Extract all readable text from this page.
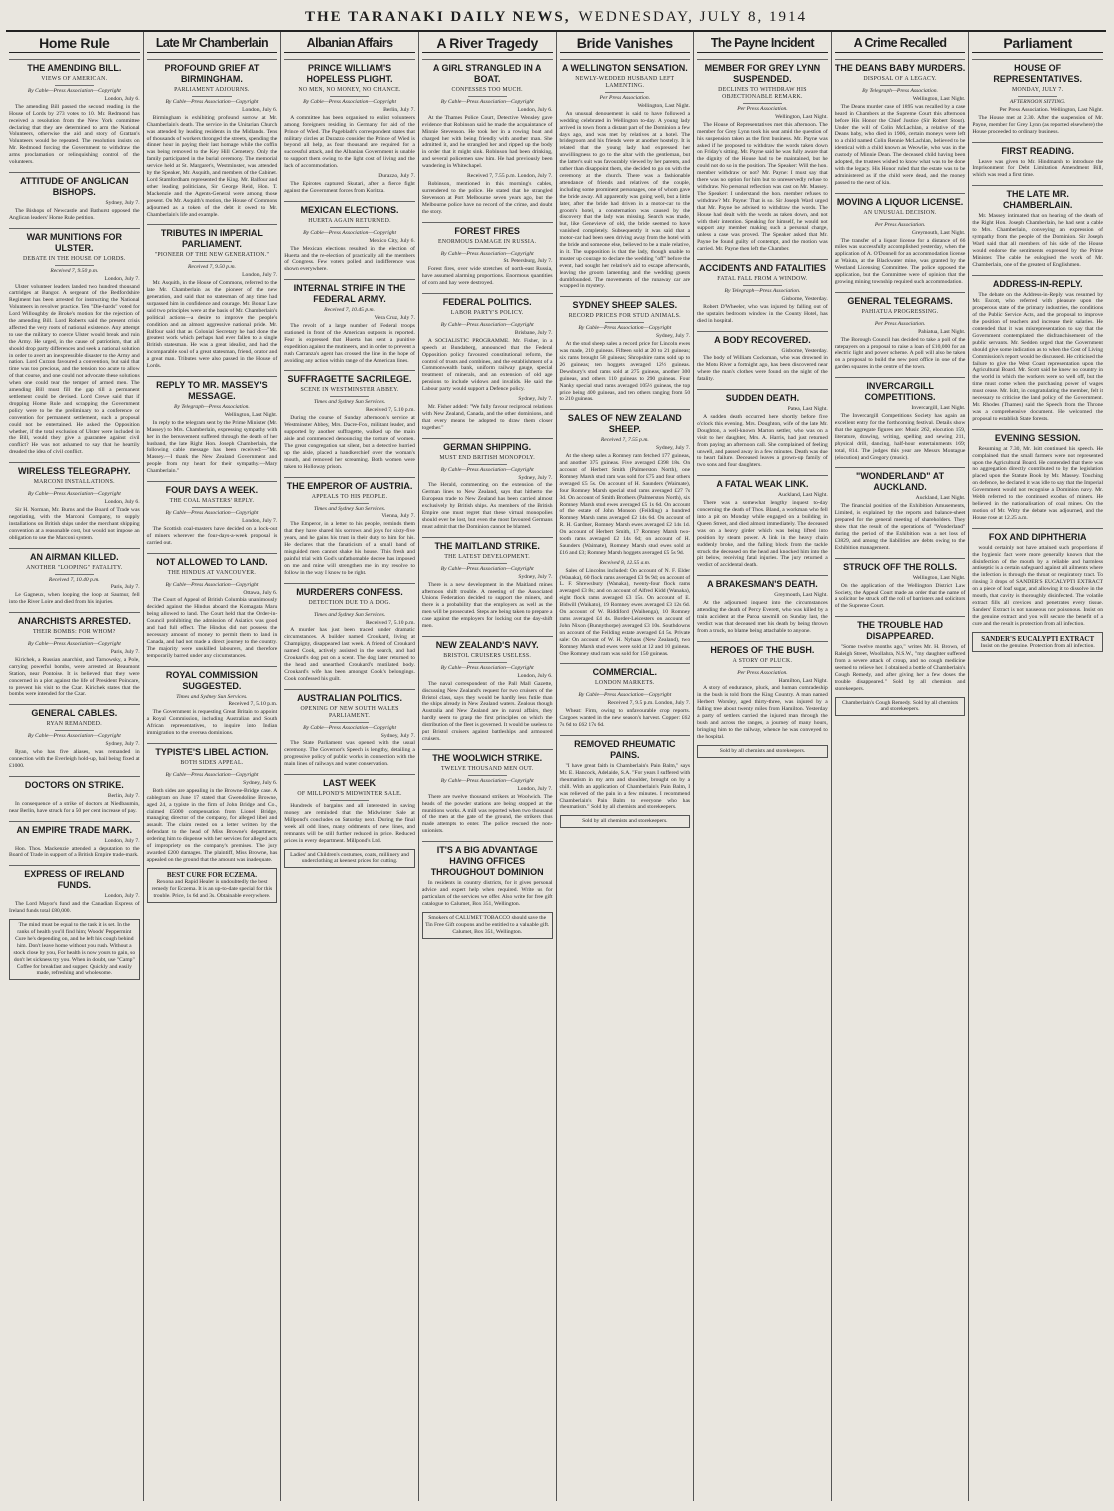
THE TARANAKI DAILY NEWS, WEDNESDAY, JULY 8, 1914
Home Rule
THE AMENDING BILL.
VIEWS OF AMERICAN.
By Cable—Press Association—Copyright
London, July 6.

The amending Bill passed the second reading in the House of Lords by 273 votes to 10. Mr. Redmond has received a resolution from the New York committee declaring that they are determined to arm the National Volunteers, otherwise the aid and story of Grattan's Volunteers would be repeated. The resolution insists on Mr. Redmond forcing the Government to withdraw the arms proclamation or relinquishing control of the volunteers.

ATTITUDE OF ANGLICAN BISHOPS.
Sydney, July 7.

The Bishops of Newcastle and Bathurst opposed the Anglican leaders' Home Rule petition.

WAR MUNITIONS FOR ULSTER.
DEBATE IN THE HOUSE OF LORDS.
Received 7, 9.50 p.m.
London, July 7.

Ulster volunteer leaders landed two hundred thousand cartridges at Bangor. A sergeant of the Bedfordshire Regiment has been arrested for instructing the National Volunteers in revolver practice. Ten "Die-hards" voted for Lord Willoughby de Broke's motion for the rejection of the amending Bill. Lord Roberts said the present crisis affected the very roots of national existence. Any attempt to use the military to coerce Ulster would break and ruin the Army. He urged, in the cause of patriotism, that all should drop party differences and seek a national solution in order to avert an inexpressible disaster to the Army and nation. Lord Curzon favoured a convention, but said that time was too precious, and the tension too acute to allow of that course, and one could not advocate these solutions when one could tear the temper of armed men. The amending Bill must fill the gap till a permanent settlement could be devised. Lord Crewe said that if dropping Home Rule and scrapping the Government policy were to be the preliminary to a conference or convention for permanent settlement, such a proposal could not be entertained. He asked the Opposition whether, if the total exclusion of Ulster were included in the Bill, would they give a guarantee against civil conflict? He was not ashamed to say that he heartily dreaded the idea of civil conflict.

WIRELESS TELEGRAPHY.
MARCONI INSTALLATIONS.
By Cable—Press Association—Copyright
London, July 6.

Sir H. Norman, Mr. Burns and the Board of Trade was negotiating, with the Marconi Company, to supply installations on British ships under the merchant shipping convention at a reasonable cost, but would not impose an obligation to use the Marconi system.

AN AIRMAN KILLED.
ANOTHER "LOOPING" FATALITY.
Received 7, 10.40 p.m.
Paris, July 7.

Le Gagneux, when looping the loop at Saumur, fell into the River Loire and died from his injuries.

ANARCHISTS ARRESTED.
THEIR BOMBS: FOR WHOM?
By Cable—Press Association—Copyright
Paris, July 7.

Kirichek, a Russian anarchist, and Tarnowsky, a Pole, carrying powerful bombs, were arrested at Beaumont Station, near Pontoise. It is believed that they were concerned in a plot against the life of President Poincare, to prevent his visit to the Czar. Kirichek states that the bombs were intended for the Czar.

GENERAL CABLES.
RYAN REMANDED.
By Cable—Press Association—Copyright
Sydney, July 7.

Ryan, who has five aliases, was remanded in connection with the Everleigh hold-up, bail being fixed at £1000.

DOCTORS ON STRIKE.
Berlin, July 7.

In consequence of a strike of doctors at Niedbaumin, near Berlin, have struck for a 50 per cent increase of pay.

AN EMPIRE TRADE MARK.
London, July 7.

Hon. Thos. Mackenzie attended a deputation to the Board of Trade in support of a British Empire trade-mark.

EXPRESS OF IRELAND FUNDS.
London, July 7.

The Lord Mayor's fund and the Canadian Express of Ireland funds total £80,000.

The mind must be equal to the task it is set. In the ranks of health you'll find him; Woods' Peppermint Cure he's depending on, and he left his cough behind him. Don't leave home without you rush. Without a stock close by you, For health is now yours to gain, so don't let sickness try you. When in doubt, use "Camp" Coffee for breakfast and supper. Quickly and easily made, refreshing and wholesome.
Late Mr Chamberlain
PROFOUND GRIEF AT BIRMINGHAM.
PARLIAMENT ADJOURNS.
By Cable—Press Association—Copyright
London, July 6.

Birmingham is exhibiting profound sorrow at Mr. Chamberlain's death. The service in the Unitarian Church was attended by leading residents in the Midlands. Tens of thousands of workers thronged the streets, spending the dinner hour in paying their last homage while the coffin was being removed to the Key Hill Cemetery. Only the family participated in the burial ceremony. The memorial service held at St. Margaret's, Westminster, was attended by the Speaker, Mr. Asquith, and members of the Cabinet. Lord Stamfordham represented the King. Mr. Balfour and other leading politicians, Sir George Reid, Hon. T. Mackenzie and the Agents-General were among those present. On Mr. Asquith's motion, the House of Commons adjourned as a token of the debt it owed to Mr. Chamberlain's life and example.

TRIBUTES IN IMPERIAL PARLIAMENT.
"PIONEER OF THE NEW GENERATION."
Received 7, 9.50 p.m.
London, July 7.

Mr. Asquith, in the House of Commons, referred to the late Mr. Chamberlain as the pioneer of the new generation, and said that no statesman of any time had surpassed him in confidence and courage. Mr. Bonar Law said two principles were at the basis of Mr. Chamberlain's political actions—a desire to improve the people's condition and an almost aggressive national pride. Mr. Balfour said that as Colonial Secretary he had done the greatest work which perhaps had ever fallen to a single British statesman. He was a great idealist, and had the incomparable soul of a great statesman, friend, orator and a great man. Tributes were also passed in the House of Lords.

REPLY TO MR. MASSEY'S MESSAGE.
By Telegraph—Press Association.
Wellington, Last Night.

In reply to the telegram sent by the Prime Minister (Mr. Massey) to Mrs. Chamberlain, expressing sympathy with her in the bereavement suffered through the death of her husband, the late Right Hon. Joseph Chamberlain, the following cable message has been received:—"Mr. Massey.—I thank the New Zealand Government and people from my heart for their sympathy.—Mary Chamberlain."

FOUR DAYS A WEEK.
THE COAL MASTERS' REPLY.
By Cable—Press Association—Copyright
London, July 7.

The Scottish coal-masters have decided on a lock-out of miners wherever the four-days-a-week proposal is carried out.

NOT ALLOWED TO LAND.
THE HINDUS AT VANCOUVER.
By Cable—Press Association—Copyright
Ottawa, July 6.

The Court of Appeal of British Columbia unanimously decided against the Hindus aboard the Komagata Maru being allowed to land. The Court held that the Order-in-Council prohibiting the admission of Asiatics was good and had full effect. The Hindus did not possess the necessary amount of money to permit them to land in Canada, and had not made a direct journey to the country. The majority were unskilled labourers, and therefore temporarily barred under any circumstances.

ROYAL COMMISSION SUGGESTED.
Times and Sydney Sun Services.
Received 7, 5.10 p.m.

The Government is requesting Great Britain to appoint a Royal Commission, including Australian and South African representatives, to inquire into Indian immigration to the oversea dominions.

TYPISTE'S LIBEL ACTION.
BOTH SIDES APPEAL.
By Cable—Press Association—Copyright
Sydney, July 6.

Both sides are appealing in the Browne-Bridge case. A cablegram on June 17 stated that Gwendoline Browne, aged 24, a typiste in the firm of John Bridge and Co., claimed £5000 compensation from Lionel Bridge, managing director of the company, for alleged libel and assault. The claim rested on a letter written by the defendant to the head of Miss Browne's department, ordering him to dispense with her services for alleged acts of impropriety on the company's premises. The jury awarded £200 damages. The plaintiff, Miss Browne, has appealed on the ground that the amount was inadequate.

BEST CURE FOR ECZEMA.
Rexona and Rapid Healer is undoubtedly the best remedy for Eczema. It is an up-to-date special for this trouble. Price, 1s 6d and 3s. Obtainable everywhere.
Albanian Affairs
PRINCE WILLIAM'S HOPELESS PLIGHT.
NO MEN, NO MONEY, NO CHANCE.
By Cable—Press Association—Copyright
Berlin, July 7.

A committee has been organised to enlist volunteers among foreigners residing in Germany for aid of the Prince of Wied. The Pagebladt's correspondent states that military circles at Durazzo consider the Prince of Wied is beyond all help, as four thousand are required for a successful attack, and the Albanian Government is unable to support them owing to the light cost of living and the lack of accommodation.

Durazzo, July 7.

The Epirotes captured Skutari, after a fierce fight against the Government forces from Koritza.

MEXICAN ELECTIONS.
HUERTA AGAIN RETURNED.
By Cable—Press Association—Copyright
Mexico City, July 6.

The Mexican elections resulted in the election of Huerta and the re-election of practically all the members of Congress. Few voters polled and indifference was shown everywhere.

INTERNAL STRIFE IN THE FEDERAL ARMY.
Received 7, 10.45 p.m.
Vera Cruz, July 7.

The revolt of a large number of Federal troops stationed in front of the American outposts is reported. Fear is expressed that Huerta has sent a punitive expedition against the mutineers, and in order to prevent a rush Carranza's agent has crossed the line in the hope of avoiding any action within range of the American lines.

SUFFRAGETTE SACRILEGE.
SCENE IN WESTMINSTER ABBEY.
Times and Sydney Sun Services.
Received 7, 5.10 p.m.

During the course of Sunday afternoon's service at Westminster Abbey, Mrs. Dacre-Fox, militant leader, and supported by another suffragette, walked up the main aisle and commenced denouncing the torture of women. The great congregation sat silent, but a detective hurried up the aisle, placed a handkerchief over the woman's mouth, and removed her screaming. Both women were taken to Holloway prison.

THE EMPEROR OF AUSTRIA.
APPEALS TO HIS PEOPLE.
Times and Sydney Sun Services.
Vienna, July 7.

The Emperor, in a letter to his people, reminds them that they have shared his sorrows and joys for sixty-five years, and he gains his trust in their duty to him for his. He declares that the fanaticism of a small band of misguided men cannot shake his house. This fresh and painful trial with God's unfathomable decree has imposed on me and mine will strengthen me in my resolve to follow in the way I know to be right.

MURDERERS CONFESS.
DETECTION DUE TO A DOG.
Times and Sydney Sun Services.
Received 7, 5.10 p.m.

A murder has just been traced under dramatic circumstances. A builder named Croukard, living at Champigny, disappeared last week. A friend of Croukard named Cook, actively assisted in the search, and had Croukard's dog put on a scent. The dog later returned to the head and unearthed Croukard's mutilated body. Croukard's wife has been amongst Cook's belongings. Cook confessed his guilt.

AUSTRALIAN POLITICS.
OPENING OF NEW SOUTH WALES PARLIAMENT.
By Cable—Press Association—Copyright
Sydney, July 7.

The State Parliament was opened with the usual ceremony. The Governor's Speech is lengthy, detailing a progressive policy of public works in connection with the main lines of railways and water conservation.

LAST WEEK
OF MILLPOND'S MIDWINTER SALE.

Hundreds of bargains and all interested in saving money are reminded that the Midwinter Sale at Millpond's concludes on Saturday next. During the final week all odd lines, many oddments of new lines, and remnants will be still further reduced in price. Reduced prices in every department. Millpond's Ltd.

Ladies' and Children's costumes, coats, millinery and underclothing at keenest prices for cutting.
A River Tragedy
A GIRL STRANGLED IN A BOAT.
CONFESSES TOO MUCH.
By Cable—Press Association—Copyright
London, July 6.

At the Thames Police Court, Detective Wensley gave evidence that Robinson said he made the acquaintance of Minnie Stevenson. He took her in a rowing boat and charged her with being friendly with another man. She admitted it, and he strangled her and ripped up the body in order that it might sink. Robinson had been drinking, and several policemen saw him. He had previously been wandering in Whitechapel.

Received 7, 7.55 p.m. London, July 7.

Robinson, mentioned in this morning's cables, surrendered to the police. He stated that he strangled Stevenson at Port Melbourne seven years ago, but the Melbourne police have no record of the crime, and doubt the story.

FOREST FIRES
ENORMOUS DAMAGE IN RUSSIA.
By Cable—Press Association—Copyright
St. Petersburg, July 7.

Forest fires, over wide stretches of north-east Russia, have assumed alarming proportions. Enormous quantities of corn and hay were destroyed.

FEDERAL POLITICS.
LABOR PARTY'S POLICY.
By Cable—Press Association—Copyright
Brisbane, July 7.

A SOCIALISTIC PROGRAMME. Mr. Fisher, in a speech at Bundaberg, announced that the Federal Opposition policy favoured constitutional reform, the control of trusts and combines, and the establishment of a Commonwealth bank, uniform railway gauge, special treatment of minerals, and an extension of old age pensions to include widows and invalids. He said the Labour party would support a Defence policy.

Sydney, July 7.

Mr. Fisher added: "We fully favour reciprocal relations with New Zealand, Canada, and the other dominions, and that every means be adopted to draw them closer together."

GERMAN SHIPPING.
MUST END BRITISH MONOPOLY.
By Cable—Press Association—Copyright
Sydney, July 7.

The Herald, commenting on the extension of the German lines to New Zealand, says that hitherto the European trade to New Zealand has been carried almost exclusively by British ships. As members of the British Empire one must regret that these virtual monopolies should ever be lost, but even the most favoured Germans must admit that the Dominion cannot be blamed.

THE MAITLAND STRIKE.
THE LATEST DEVELOPMENT.
By Cable—Press Association—Copyright
Sydney, July 7.

There is a new development in the Maitland mines afternoon shift trouble. A meeting of the Associated Unions Federation decided to support the miners, and there is a probability that the employers as well as the men will be prosecuted. Steps are being taken to prepare a case against the employers for locking out the day-shift men.

NEW ZEALAND'S NAVY.
BRISTOL CRUISERS USELESS.
By Cable—Press Association—Copyright
London, July 6.

The naval correspondent of the Pall Mall Gazette, discussing New Zealand's request for two cruisers of the Bristol class, says they would be hardly less futile than the ships already in New Zealand waters. Zealous though Australia and New Zealand are in naval affairs, they hardly seem to grasp the first principles on which the distribution of the fleet is governed. It would be useless to put Bristol cruisers against battleships and armoured cruisers.

THE WOOLWICH STRIKE.
TWELVE THOUSAND MEN OUT.
By Cable—Press Association—Copyright
London, July 7.

There are twelve thousand strikers at Woolwich. The heads of the powder stations are being stopped at the munitions works. A mill was reported when two thousand of the men at the gate of the ground, the strikers thus made attempts to enter. The police rescued the non-unionists.

IT'S A BIG ADVANTAGE HAVING OFFICES THROUGHOUT DOMINION

In residents in country districts, for it gives personal advice and expert help when required. Write us for particulars of the services we offer. Also write for free gift catalogue to Calumet, Box 351, Wellington.

Smokers of CALUMET TOBACCO should save the Tin Free Gift coupons and be entitled to a valuable gift. Calumet, Box 351, Wellington.
Bride Vanishes
A WELLINGTON SENSATION.
NEWLY-WEDDED HUSBAND LEFT LAMENTING.
Per Press Association.
Wellington, Last Night.

An unusual denouement is said to have followed a wedding celebrated in Wellington to-day. A young lady arrived in town from a distant part of the Dominion a few days ago, and was met by relatives at a hotel. The bridegroom and his friends were at another hostelry. It is related that the young lady had expressed her unwillingness to go to the altar with the gentleman, but the latter's suit was favourably viewed by her parents, and rather than disappoint them, she decided to go on with the ceremony at the church. There was a fashionable attendance of friends and relatives of the couple, including some prominent personages, one of whom gave the bride away. All apparently was going well, but a little later, after the bride had driven in a motor-car to the groom's hotel, a consternation was caused by the discovery that the lady was missing. Search was made, but, like Genevieve of old, the bride seemed to have vanished completely. Subsequently it was said that a motor-car had been seen driving away from the hotel with the bride and someone else, believed to be a male relative, in it. The supposition is that the lady, though unable to muster up courage to declare the wedding "off" before the event, had sought her relative's aid to escape afterwards, leaving the groom lamenting and the wedding guests dumbfounded. The movements of the runaway car are wrapped in mystery.

SYDNEY SHEEP SALES.
RECORD PRICES FOR STUD ANIMALS.
By Cable—Press Association—Copyright
Sydney, July 7.

At the stud sheep sales a record price for Lincoln ewes was made, 210 guineas. Fifteen sold at 20 to 21 guineas; six rams brought 58 guineas; Shropshire rams sold up to 26 guineas; ten hoggets averaged 12½ guineas. Dewsbury's stud rams sold at 275 guineas, another 300 guineas, and others 110 guineas to 290 guineas. Four Nanky special stud rams averaged 105½ guineas, the top price being 400 guineas, and ten others ranging from 50 to 210 guineas.

SALES OF NEW ZEALAND SHEEP.
Received 7, 7.55 p.m.
Sydney, July 7.

At the sheep sales a Romney ram fetched 177 guineas, and another 375 guineas. Five averaged £398 18s. On account of Herbert Smith (Palmerston North), one Romney Marsh stud ram was sold for £75 and four others averaged £5 5s. On account of H. Saunders (Waimate), four Romney Marsh special stud rams averaged £27 7s 3d. On account of Smith Brothers (Palmerston North), six Romney Marsh stud ewes averaged £5 1s 6d. On account of the estate of John Monson (Feilding) a hundred Romney Marsh rams averaged £2 14s 6d. On account of R. H. Gardner, Romney Marsh ewes averaged £2 14s 1d. On account of Herbert Smith, 17 Romney Marsh two-tooth rams averaged £2 14s 6d; on account of H. Saunders (Waimate), Romney Marsh stud ewes sold at £16 and £3; Romney Marsh hoggets averaged £5 5s 9d.

Received 8, 12.55 a.m.

Sales of Lincolns included: On account of N. F. Elder (Wanaka), 60 flock rams averaged £3 9s 9d; on account of L. F. Shrewsbury (Wanaka), twenty-four flock rams averaged £3 8s; and on account of Alfred Kidd (Wanaka), eight flock rams averaged £3 15s. On account of E. Bidwill (Waikato), 19 Romney ewes averaged £3 12s 6d. On account of W. Riddiford (Waihenga), 10 Romney rams averaged £4 4s. Border-Leicesters on account of John Nixon (Bunnythorpe) averaged £3 10s. Southdowns on account of the Feilding estate averaged £4 5s. Private sale: On account of W. H. Nyhaas (New Zealand), two Romney Marsh stud ewes were sold at 12 and 10 guineas. One Romney stud ram was sold for 150 guineas.

COMMERCIAL.
LONDON MARKETS.
By Cable—Press Association—Copyright
Received 7, 9.5 p.m. London, July 7.

Wheat: Firm, owing to unfavourable crop reports. Cargoes wanted in the new season's harvest. Copper: £62 7s 6d to £62 17s 6d.

REMOVED RHEUMATIC PAINS.

"I have great faith in Chamberlain's Pain Balm," says Mr. E. Hancock, Adelaide, S.A. "For years I suffered with rheumatism in my arm and shoulder, brought on by a chill. With an application of Chamberlain's Pain Balm, I was relieved of the pain in a few minutes. I recommend Chamberlain's Pain Balm to everyone who has rheumatism." Sold by all chemists and storekeepers.

Sold by all chemists and storekeepers.
The Payne Incident
MEMBER FOR GREY LYNN SUSPENDED.
DECLINES TO WITHDRAW HIS OBJECTIONABLE REMARK.
Per Press Association.
Wellington, Last Night.

The House of Representatives met this afternoon. The member for Grey Lynn took his seat amid the question of his suspension taken as the first business. Mr. Payne was asked if he proposed to withdraw the words taken down on Friday's sitting. Mr. Payne said he was fully aware that the dignity of the House had to be maintained, but he could not do so in the position. The Speaker: Will the hon. member withdraw or not? Mr. Payne: I must say that there was no option for him but to unreservedly refuse to withdraw. No personal reflection was cast on Mr. Massey. The Speaker: I understand the hon. member refuses to withdraw? Mr. Payne: That is so. Sir Joseph Ward urged that Mr. Payne be advised to withdraw the words. The House had dealt with the words as taken down, and not with their intention. Speaking for himself, he would not support any member making such a personal charge, unless a case was proved. The Speaker asked that Mr. Payne be found guilty of contempt, and the motion was carried. Mr. Payne then left the Chamber.

ACCIDENTS AND FATALITIES
FATAL FALL FROM A WINDOW.
By Telegraph—Press Association.
Gisborne, Yesterday.

Robert D'Wheeler, who was injured by falling out of the upstairs bedroom window in the County Hotel, has died in hospital.

A BODY RECOVERED.
Gisborne, Yesterday.

The body of William Cocksman, who was drowned in the Motu River a fortnight ago, has been discovered near where the man's clothes were found on the night of the fatality.

SUDDEN DEATH.
Patea, Last Night.

A sudden death occurred here shortly before five o'clock this evening. Mrs. Doughton, wife of the late Mr. Doughton, a well-known Marton settler, who was on a visit to her daughter, Mrs. A. Harris, had just returned from paying an afternoon call. She complained of feeling unwell, and passed away in a few minutes. Death was due to heart failure. Deceased leaves a grown-up family of two sons and four daughters.

A FATAL WEAK LINK.
Auckland, Last Night.

There was a somewhat lengthy inquest to-day concerning the death of Thos. Bland, a workman who fell into a pit on Monday while engaged on a building in Queen Street, and died almost immediately. The deceased was on a heavy girder which was being lifted into position by steam power. A link in the heavy chain suddenly broke, and the falling block from the tackle struck the deceased on the head and knocked him into the pit below, receiving fatal injuries. The jury returned a verdict of accidental death.

A BRAKESMAN'S DEATH.
Greymouth, Last Night.

At the adjourned inquest into the circumstances attending the death of Percy Everett, who was killed by a train accident at the Paroa sawmill on Sunday last, the verdict was that deceased met his death by being thrown from a truck, no blame being attachable to anyone.

HEROES OF THE BUSH.
A STORY OF PLUCK.
Per Press Association.
Hamilton, Last Night.

A story of endurance, pluck, and human comradeship in the bush is told from the King Country. A man named Herbert Worsley, aged thirty-three, was injured by a falling tree about twenty miles from Hamilton. Yesterday a party of settlers carried the injured man through the bush and across the ranges, a journey of many hours, bringing him to the railway, whence he was conveyed to the hospital.

Sold by all chemists and storekeepers.
A Crime Recalled
THE DEANS BABY MURDERS.
DISPOSAL OF A LEGACY.
By Telegraph—Press Association.
Wellington, Last Night.

The Deans murder case of 1895 was recalled by a case heard in Chambers at the Supreme Court this afternoon before His Honor the Chief Justice (Sir Robert Stout). Under the will of Colin McLachlan, a relative of the Deans baby, who died in 1906, certain moneys were left to a child named Colin Rennie McLachlan, believed to be identical with a child known as Weowlie, who was in the custody of Minnie Dean. The deceased child having been adopted, the trustees wished to know what was to be done with the legacy. His Honor ruled that the estate was to be administered as if the child were dead, and the money passed to the next of kin.

MOVING A LIQUOR LICENSE.
AN UNUSUAL DECISION.
Per Press Association.
Greymouth, Last Night.

The transfer of a liquor license for a distance of 66 miles was successfully accomplished yesterday, when the application of A. O'Donnell for an accommodation license at Waiuta, at the Blackwater mine, was granted by the Westland Licensing Committee. The police opposed the application, but the Committee were of opinion that the growing mining township required such accommodation.

GENERAL TELEGRAMS.
PAHIATUA PROGRESSING.
Per Press Association.
Pahiatua, Last Night.

The Borough Council has decided to take a poll of the ratepayers on a proposal to raise a loan of £10,000 for an electric light and power scheme. A poll will also be taken on a proposal to build the new post office in one of the garden squares in the centre of the town.

INVERCARGILL COMPETITIONS.
Invercargill, Last Night.

The Invercargill Competitions Society has again an excellent entry for the forthcoming festival. Details show that the aggregate figures are: Music 262, elocution 159, literature, drawing, writing, spelling and sewing 211, physical drill, dancing, half-hour entertainments 169; total, 814. The judges this year are Messrs Montague (elocution) and Gregory (music).

"WONDERLAND" AT AUCKLAND.
Auckland, Last Night.

The financial position of the Exhibition Amusements, Limited, is explained by the reports and balance-sheet prepared for the general meeting of shareholders. They show that the result of the operations of "Wonderland" during the period of the Exhibition was a net loss of £3829, and among the liabilities are debts owing to the Exhibition management.

STRUCK OFF THE ROLLS.
Wellington, Last Night.

On the application of the Wellington District Law Society, the Appeal Court made an order that the name of a solicitor be struck off the roll of barristers and solicitors of the Supreme Court.

THE TROUBLE HAD DISAPPEARED.

"Some twelve months ago," writes Mr. H. Brown, of Raleigh Street, Woollahra, N.S.W., "my daughter suffered from a severe attack of croup, and no cough medicine seemed to relieve her. I obtained a bottle of Chamberlain's Cough Remedy, and after giving her a few doses the trouble disappeared." Sold by all chemists and storekeepers.

Chamberlain's Cough Remedy. Sold by all chemists and storekeepers.
Parliament
HOUSE OF REPRESENTATIVES.
MONDAY, JULY 7.
AFTERNOON SITTING.
Per Press Association. Wellington, Last Night.

The House met at 2.30. After the suspension of Mr. Payne, member for Grey Lynn (as reported elsewhere) the House proceeded to ordinary business.

FIRST READING.

Leave was given to Mr. Hindmarsh to introduce the Imprisonment for Debt Limitation Amendment Bill, which was read a first time.

THE LATE MR. CHAMBERLAIN.

Mr. Massey intimated that on hearing of the death of the Right Hon. Joseph Chamberlain, he had sent a cable to Mrs. Chamberlain, conveying an expression of sympathy from the people of the Dominion. Sir Joseph Ward said that all members of his side of the House would endorse the sentiments expressed by the Prime Minister. The cable he eulogised the work of Mr. Chamberlain, one of the greatest of Englishmen.

ADDRESS-IN-REPLY.

The debate on the Address-in-Reply was resumed by Mr. Escott, who referred with pleasure upon the prosperous state of the primary industries, the conditions of the Public Service Acts, and the proposal to improve the position of teachers and increase their salaries. He contended that it was misrepresentation to say that the Government contemplated the disfranchisement of the public servants. Mr. Sedden urged that the Government should give some indication as to when the Cost of Living Commission's report would be discussed. He criticised the failure to give the West Coast representation upon the Agricultural Board. Mr. Scott said he knew no country in the world in which the workers were so well off, but the time must come when the purchasing power of wages must cease. Mr. Isitt, in congratulating the member, felt it necessary to criticise the land policy of the Government. Mr. Rhodes (Thames) said the Speech from the Throne was a comprehensive document. He welcomed the proposal to establish State forests.

EVENING SESSION.

Resuming at 7.30, Mr. Isitt continued his speech. He complained that the small farmers were not represented upon the Agricultural Board. He contended that there was no aggregation directly contributed to by the legislation placed upon the Statute Book by Mr. Massey. Touching on defence, he declared it was idle to say that the Imperial Government would not recognise a Dominion navy. Mr. Webb referred to the continued exodus of miners. He believed in the nationalisation of coal mines. On the motion of Mr. Witty the debate was adjourned, and the House rose at 12.25 a.m.

FOX AND DIPHTHERIA

would certainly not have attained such proportions if the hygienic fact were more generally known that the disinfection of the mouth by a reliable and harmless antiseptic is a certain safeguard against all ailments where the infection is through the throat or respiratory tract. To rinsing 3 drops of SANDER'S EUCALYPTI EXTRACT on a piece of loaf sugar, and allowing it to dissolve in the mouth, that cavity is thoroughly disinfected. The volatile extract fills all crevices and penetrates every tissue. Sanders' Extract is not nauseous nor poisonous. Insist on the genuine extract and you will secure the benefit of a cure and the result is protection from all infection.

SANDER'S EUCALYPTI EXTRACT
Insist on the genuine. Protection from all infection.
